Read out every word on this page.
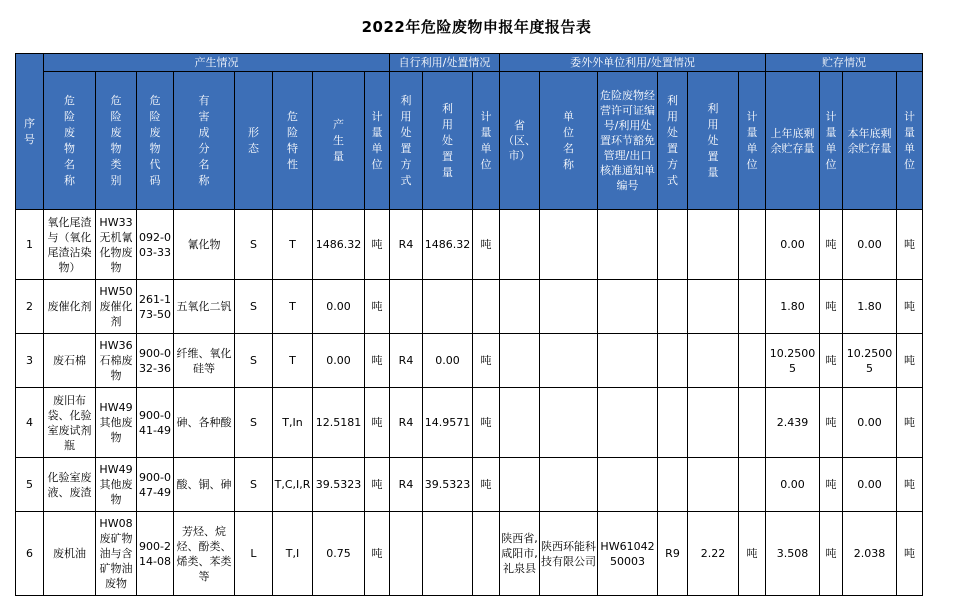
2022年危险废物申报年度报告表
序号	产生情况								自行利用/处置情况			委外外单位利用/处置情况						贮存情况			
	危险废物名称	危险废物类别	危险废物代码	有害成分名称	形态	危险特性	产生量	计量单位	利用处置方式	利用处置量	计量单位	省（区、市）	单位名称	危险废物经营许可证编号/利用处置环节豁免管理/出口核准通知单编号	利用处置方式	利用处置量	计量单位	上年底剩余贮存量	计量单位	本年底剩余贮存量	计量单位
1	氧化尾渣与（氧化尾渣沾染物）	HW33无机氰化物废物	092-003-33	氰化物	S	T	1486.32	吨	R4	1486.32	吨							0.00	吨	0.00	吨
2	废催化剂	HW50废催化剂	261-173-50	五氧化二钒	S	T	0.00	吨										1.80	吨	1.80	吨
3	废石棉	HW36石棉废物	900-032-36	纤维、氧化硅等	S	T	0.00	吨	R4	0.00	吨							10.25005	吨	10.25005	吨
4	废旧布袋、化验室废试剂瓶	HW49其他废物	900-041-49	砷、各种酸	S	T,In	12.5181	吨	R4	14.9571	吨							2.439	吨	0.00	吨
5	化验室废液、废渣	HW49其他废物	900-047-49	酸、铜、砷	S	T,C,I,R	39.5323	吨	R4	39.5323	吨							0.00	吨	0.00	吨
6	废机油	HW08废矿物油与含矿物油废物	900-214-08	芳烃、烷烃、酚类、烯类、苯类等	L	T,I	0.75	吨				陕西省,咸阳市,礼泉县	陕西环能科技有限公司	HW6104250003	R9	2.22	吨	3.508	吨	2.038	吨
